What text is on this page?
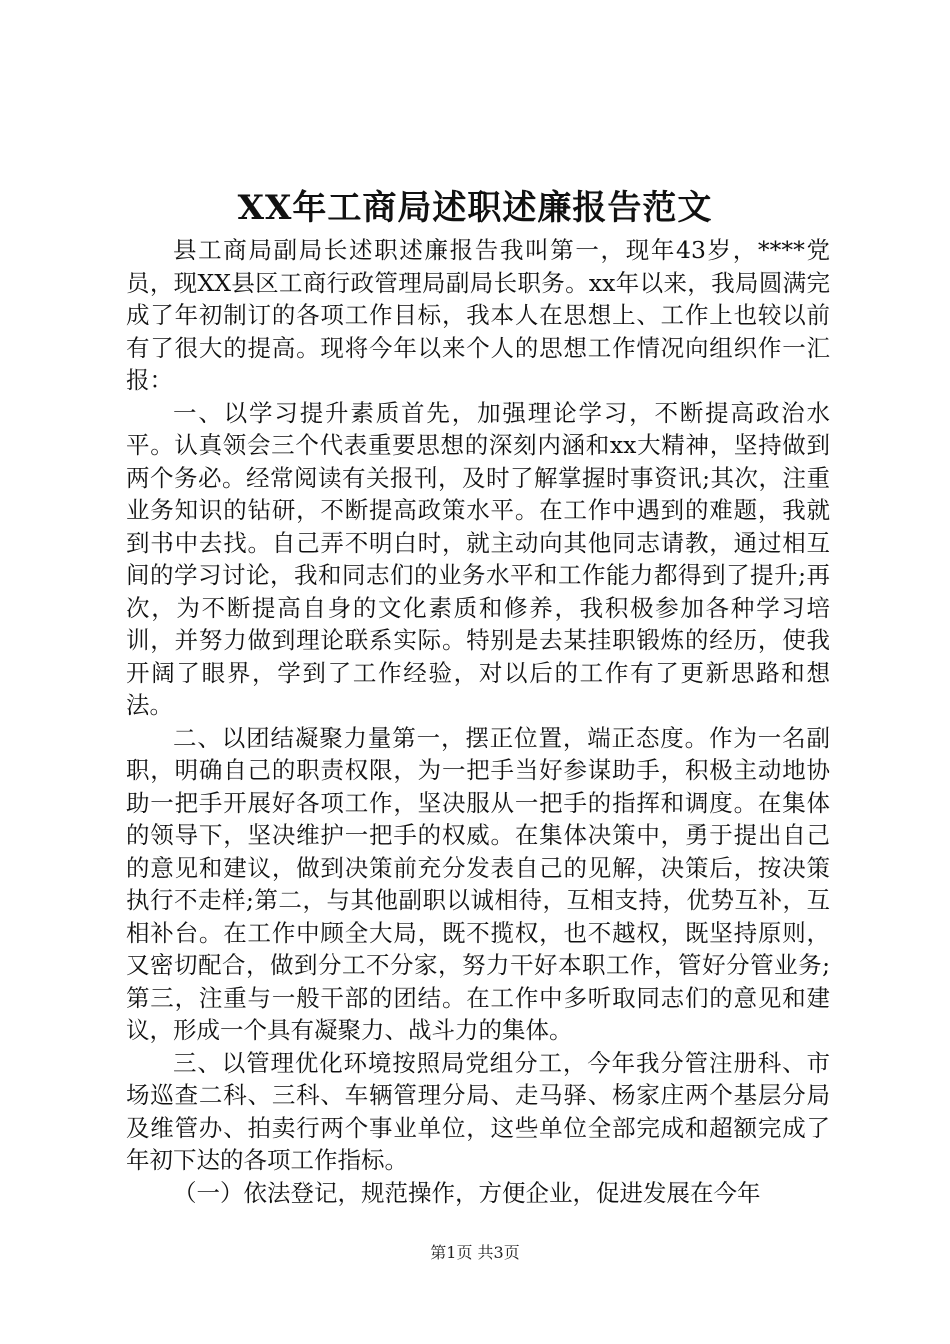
XX年工商局述职述廉报告范文

县工商局副局长述职述廉报告我叫第一，现年43岁，****党员，现XX县区工商行政管理局副局长职务。xx年以来，我局圆满完成了年初制订的各项工作目标，我本人在思想上、工作上也较以前有了很大的提高。现将今年以来个人的思想工作情况向组织作一汇报：

一、以学习提升素质首先，加强理论学习，不断提高政治水平。认真领会三个代表重要思想的深刻内涵和xx大精神，坚持做到两个务必。经常阅读有关报刊，及时了解掌握时事资讯;其次，注重业务知识的钻研，不断提高政策水平。在工作中遇到的难题，我就到书中去找。自己弄不明白时，就主动向其他同志请教，通过相互间的学习讨论，我和同志们的业务水平和工作能力都得到了提升;再次，为不断提高自身的文化素质和修养，我积极参加各种学习培训，并努力做到理论联系实际。特别是去某挂职锻炼的经历，使我开阔了眼界，学到了工作经验，对以后的工作有了更新思路和想法。

二、以团结凝聚力量第一，摆正位置，端正态度。作为一名副职，明确自己的职责权限，为一把手当好参谋助手，积极主动地协助一把手开展好各项工作，坚决服从一把手的指挥和调度。在集体的领导下，坚决维护一把手的权威。在集体决策中，勇于提出自己的意见和建议，做到决策前充分发表自己的见解，决策后，按决策执行不走样;第二，与其他副职以诚相待，互相支持，优势互补，互相补台。在工作中顾全大局，既不揽权，也不越权，既坚持原则，又密切配合，做到分工不分家，努力干好本职工作，管好分管业务;第三，注重与一般干部的团结。在工作中多听取同志们的意见和建议，形成一个具有凝聚力、战斗力的集体。

三、以管理优化环境按照局党组分工，今年我分管注册科、市场巡查二科、三科、车辆管理分局、走马驿、杨家庄两个基层分局及维管办、拍卖行两个事业单位，这些单位全部完成和超额完成了年初下达的各项工作指标。

（一）依法登记，规范操作，方便企业，促进发展在今年

第1页 共3页
